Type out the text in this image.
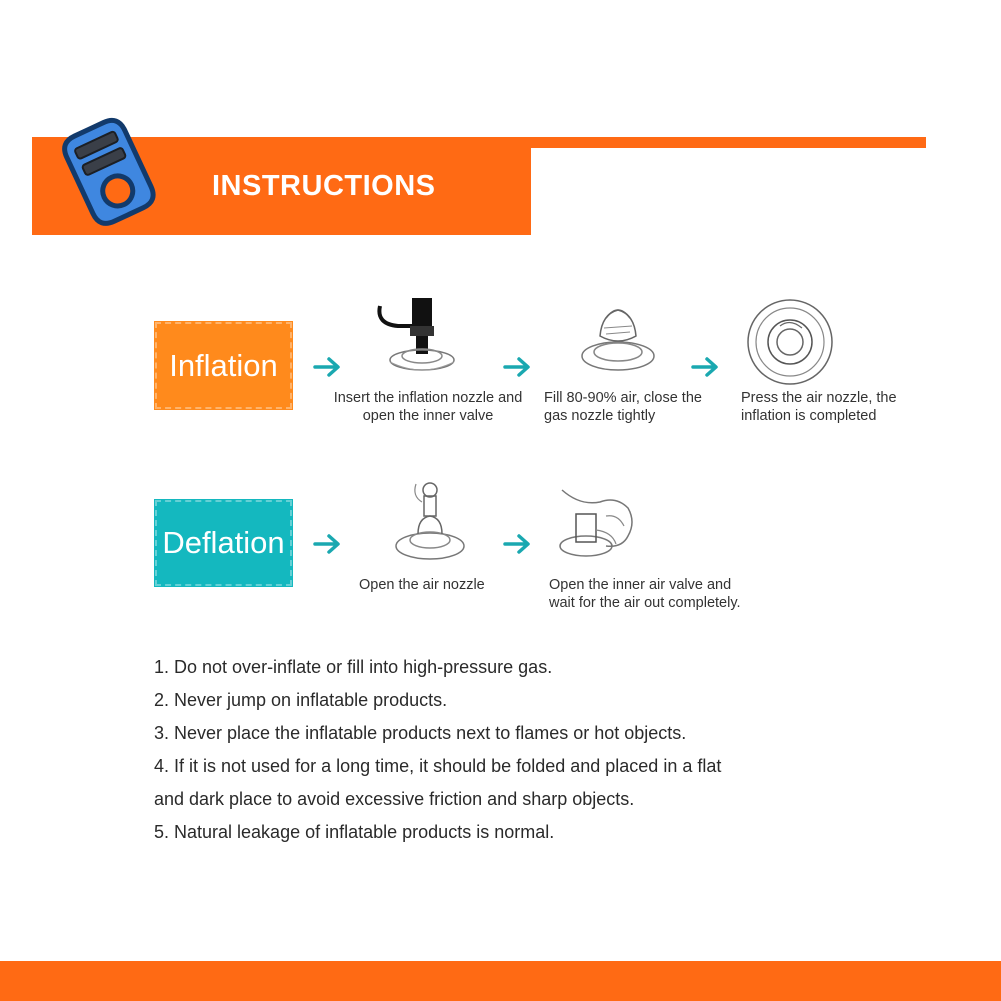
INSTRUCTIONS
Inflation
Insert the inflation nozzle and
open the inner valve
Fill 80-90% air, close the
gas nozzle tightly
Press the air nozzle, the
inflation is completed
Deflation
Open the air nozzle	Open the inner air valve and
wait for the air out completely.
1. Do not over-inflate or fill into high-pressure gas.
2. Never jump on inflatable products.
3. Never place the inflatable products next to flames or hot objects.
4. If it is not used for a long time, it should be folded and placed in a flat
and dark place to avoid excessive friction and sharp objects.
5. Natural leakage of inflatable products is normal.
